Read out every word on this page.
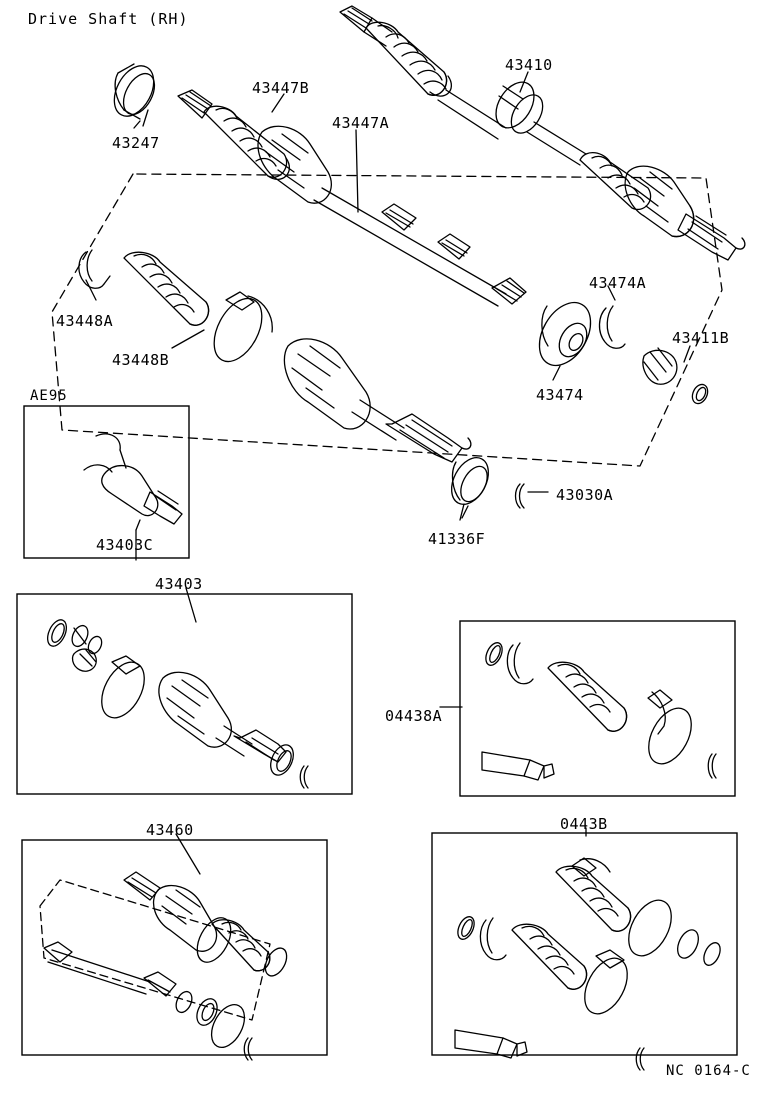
Drive Shaft (RH)
AE95
43247
43447B
43447A
43410
43448A
43448B
43474A
43474
43411B
43403C	41336F
43030A
43403
04438A
43460	0443B
NC 0164-C
